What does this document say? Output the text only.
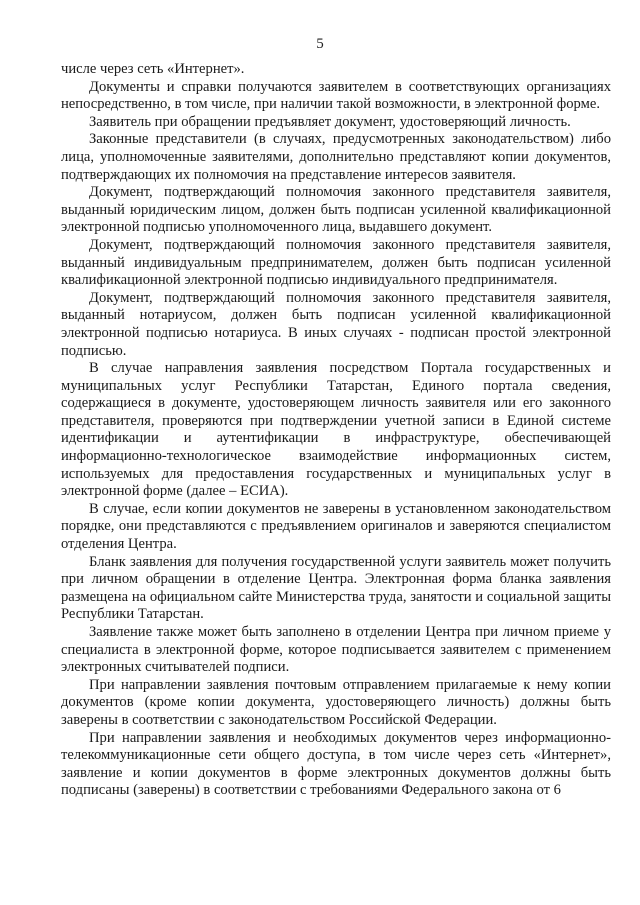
5

числе через сеть «Интернет».

Документы и справки получаются заявителем в соответствующих организациях непосредственно, в том числе, при наличии такой возможности, в электронной форме.

Заявитель при обращении предъявляет документ, удостоверяющий личность.

Законные представители (в случаях, предусмотренных законодательством) либо лица, уполномоченные заявителями, дополнительно представляют копии документов, подтверждающих их полномочия на представление интересов заявителя.

Документ, подтверждающий полномочия законного представителя заявителя, выданный юридическим лицом, должен быть подписан усиленной квалификационной электронной подписью уполномоченного лица, выдавшего документ.

Документ, подтверждающий полномочия законного представителя заявителя, выданный индивидуальным предпринимателем, должен быть подписан усиленной квалификационной электронной подписью индивидуального предпринимателя.

Документ, подтверждающий полномочия законного представителя заявителя, выданный нотариусом, должен быть подписан усиленной квалификационной электронной подписью нотариуса. В иных случаях - подписан простой электронной подписью.

В случае направления заявления посредством Портала государственных и муниципальных услуг Республики Татарстан, Единого портала сведения, содержащиеся в документе, удостоверяющем личность заявителя или его законного представителя, проверяются при подтверждении учетной записи в Единой системе идентификации и аутентификации в инфраструктуре, обеспечивающей информационно-технологическое взаимодействие информационных систем, используемых для предоставления государственных и муниципальных услуг в электронной форме (далее – ЕСИА).

В случае, если копии документов не заверены в установленном законодательством порядке, они представляются с предъявлением оригиналов и заверяются специалистом отделения Центра.

Бланк заявления для получения государственной услуги заявитель может получить при личном обращении в отделение Центра. Электронная форма бланка заявления размещена на официальном сайте Министерства труда, занятости и социальной защиты Республики Татарстан.

Заявление также может быть заполнено в отделении Центра при личном приеме у специалиста в электронной форме, которое подписывается заявителем с применением электронных считывателей подписи.

При направлении заявления почтовым отправлением прилагаемые к нему копии документов (кроме копии документа, удостоверяющего личность) должны быть заверены в соответствии с законодательством Российской Федерации.

При направлении заявления и необходимых документов через информационно-телекоммуникационные сети общего доступа, в том числе через сеть «Интернет», заявление и копии документов в форме электронных документов должны быть подписаны (заверены) в соответствии с требованиями Федерального закона от 6
